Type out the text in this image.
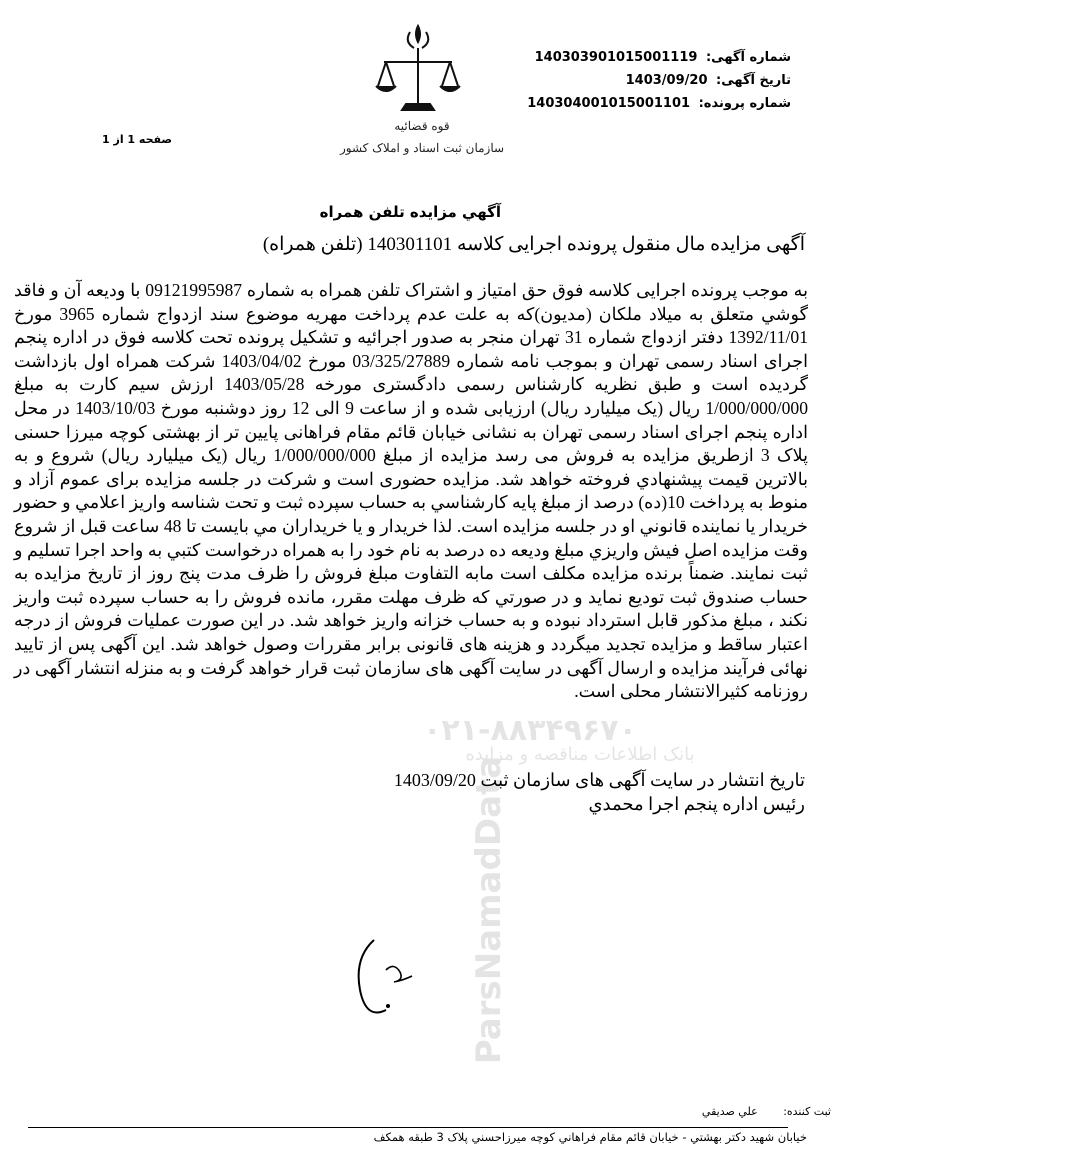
قوه قضائیه
سازمان ثبت اسناد و املاک کشور
شماره آگهی: 140303901015001119
تاریخ آگهی: 1403/09/20
شماره پرونده: 140304001015001101
صفحه 1 از 1
آگهي مزايده تلفن همراه
آگهی مزایده مال منقول پرونده اجرایی کلاسه 140301101 (تلفن همراه)
به موجب پرونده اجرایی کلاسه فوق حق امتیاز و اشتراک تلفن همراه به شماره 09121995987 با ودیعه آن و فاقد گوشي متعلق به میلاد ملکان (مدیون)که به علت عدم پرداخت مهریه موضوع سند ازدواج شماره 3965 مورخ 1392/11/01 دفتر ازدواج شماره 31 تهران منجر به صدور اجرائیه و تشکیل پرونده تحت کلاسه فوق در اداره پنجم اجرای اسناد رسمی تهران و بموجب نامه شماره 03/325/27889 مورخ 1403/04/02 شرکت همراه اول بازداشت گردیده است و طبق نظریه کارشناس رسمی دادگستری مورخه 1403/05/28 ارزش سیم کارت به مبلغ 1/000/000/000 ریال (یک میلیارد ریال) ارزیابی شده و از ساعت 9 الی 12 روز دوشنبه مورخ 1403/10/03 در محل اداره پنجم اجرای اسناد رسمی تهران به نشانی خیابان قائم مقام فراهانی پایین تر از بهشتی کوچه میرزا حسنی پلاک 3 ازطریق مزایده به فروش می رسد مزایده از مبلغ 1/000/000/000 ریال (یک میلیارد ریال) شروع و به بالاترین قیمت پیشنهادي فروخته خواهد شد. مزایده حضوری است و شرکت در جلسه مزایده برای عموم آزاد و منوط به پرداخت 10(ده) درصد از مبلغ پایه کارشناسي به حساب سپرده ثبت و تحت شناسه واریز اعلامي و حضور خریدار یا نماینده قانوني او در جلسه مزایده است. لذا خریدار و یا خریداران مي بایست تا 48 ساعت قبل از شروع وقت مزایده اصل فیش واریزي مبلغ ودیعه ده درصد به نام خود را به همراه درخواست کتبي به واحد اجرا تسلیم و ثبت نمایند. ضمناً برنده مزایده مکلف است مابه التفاوت مبلغ فروش را ظرف مدت پنج روز از تاریخ مزایده به حساب صندوق ثبت تودیع نماید و در صورتي که ظرف مهلت مقرر، مانده فروش را به حساب سپرده ثبت واریز نکند ، مبلغ مذکور قابل استرداد نبوده و به حساب خزانه واریز خواهد شد. در این صورت عملیات فروش از درجه اعتبار ساقط و مزایده تجدید میگردد و هزینه های قانونی برابر مقررات وصول خواهد شد. این آگهی پس از تایید نهائی فرآیند مزایده و ارسال آگهی در سایت آگهی های سازمان ثبت قرار خواهد گرفت و به منزله انتشار آگهی در روزنامه کثیرالانتشار محلی است.
بانک اطلاعات مناقصه و مزایده
ParsNamadData
۰۲۱-۸۸۳۴۹۶۷۰
تاریخ انتشار در سایت آگهی های سازمان ثبت 1403/09/20
رئیس اداره پنجم اجرا محمدي
ثبت کننده: علي صديقي
خیابان شهید دکتر بهشتي - خیابان قائم مقام فراهاني کوچه میرزاحسني پلاک 3 طبقه همکف
